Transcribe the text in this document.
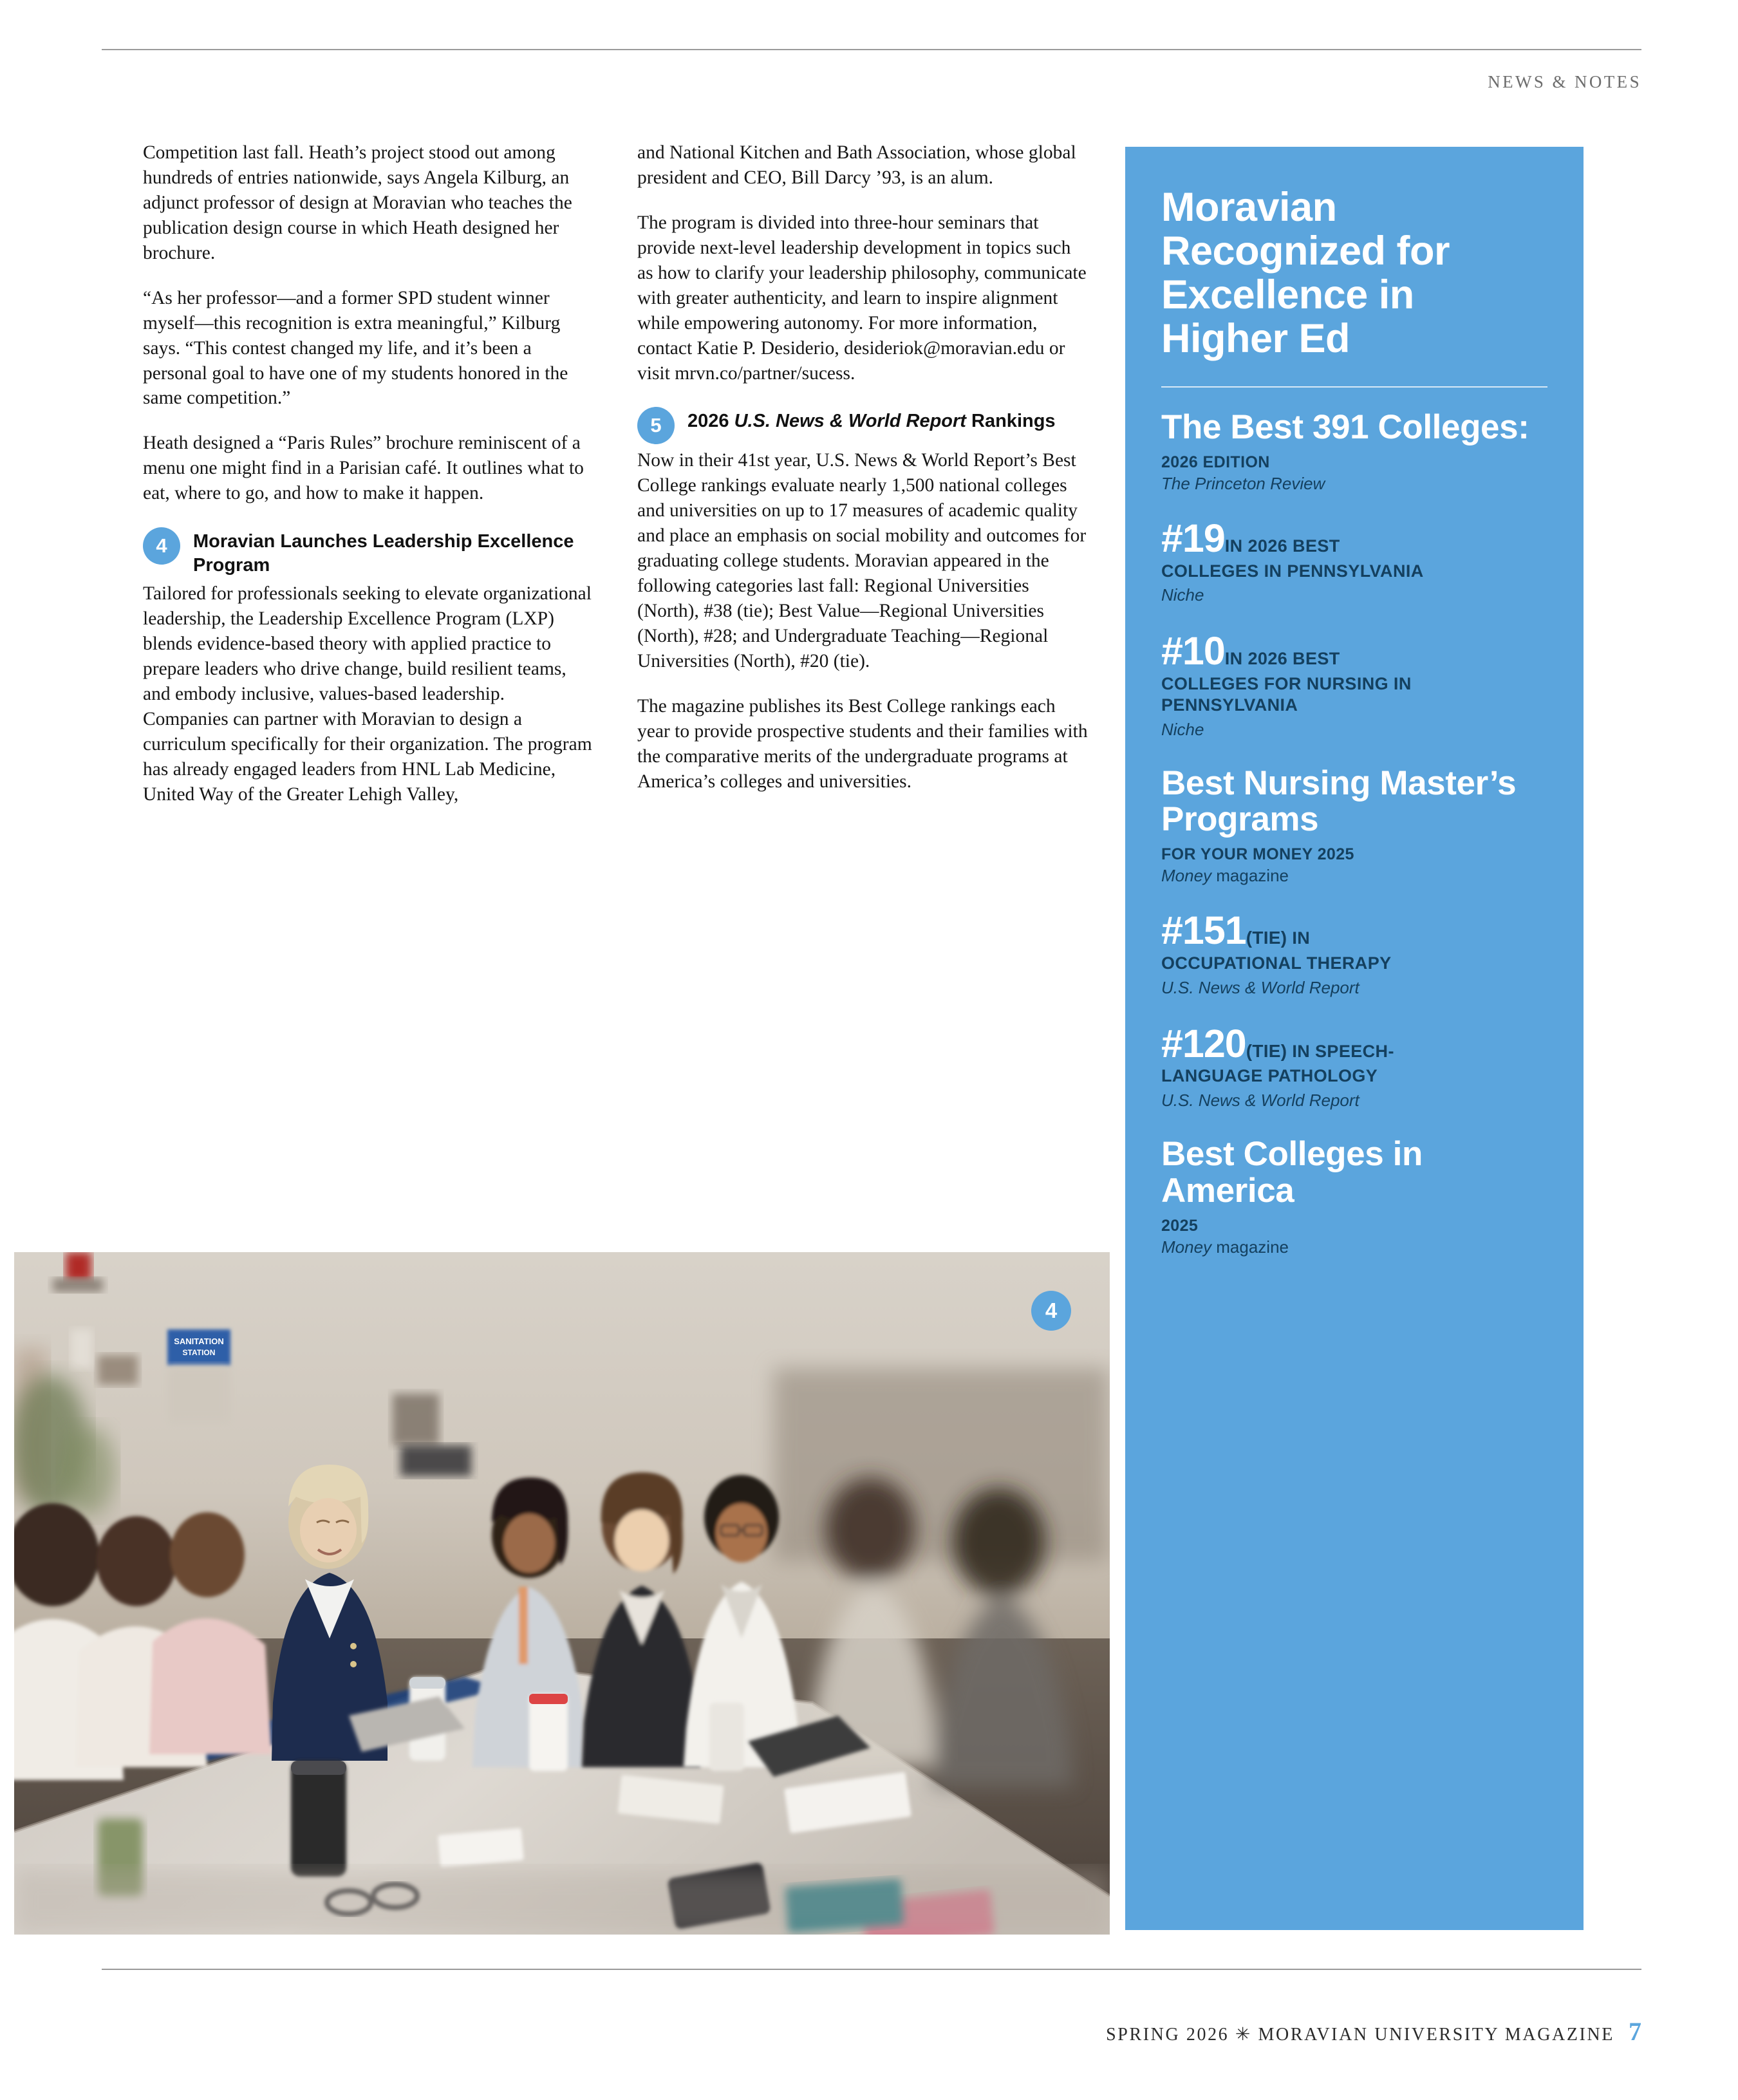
NEWS & NOTES

Competition last fall. Heath’s project stood out among hundreds of entries nationwide, says Angela Kilburg, an adjunct professor of design at Moravian who teaches the publication design course in which Heath designed her brochure.

“As her professor—and a former SPD student winner myself—this recognition is extra meaningful,” Kilburg says. “This contest changed my life, and it’s been a personal goal to have one of my students honored in the same competition.”

Heath designed a “Paris Rules” brochure reminiscent of a menu one might find in a Parisian café. It outlines what to eat, where to go, and how to make it happen.

4	Moravian Launches Leadership Excellence Program

Tailored for professionals seeking to elevate organizational leadership, the Leadership Excellence Program (LXP) blends evidence-based theory with applied practice to prepare leaders who drive change, build resilient teams, and embody inclusive, values-based leadership. Companies can partner with Moravian to design a curriculum specifically for their organization. The program has already engaged leaders from HNL Lab Medicine, United Way of the Greater Lehigh Valley,

and National Kitchen and Bath Association, whose global president and CEO, Bill Darcy ’93, is an alum.

The program is divided into three-hour seminars that provide next-level leadership development in topics such as how to clarify your leadership philosophy, communicate with greater authenticity, and learn to inspire alignment while empowering autonomy. For more information, contact Katie P. Desiderio, desideriok@moravian.edu or visit mrvn.co/partner/sucess.

5	2026 U.S. News & World Report Rankings

Now in their 41st year, U.S. News & World Report’s Best College rankings evaluate nearly 1,500 national colleges and universities on up to 17 measures of academic quality and place an emphasis on social mobility and outcomes for graduating college students. Moravian appeared in the following categories last fall: Regional Universities (North), #38 (tie); Best Value—Regional Universities (North), #28; and Undergraduate Teaching—Regional Universities (North), #20 (tie).

The magazine publishes its Best College rankings each year to provide prospective students and their families with the comparative merits of the undergraduate programs at America’s colleges and universities.

Moravian Recognized for Excellence in Higher Ed
The Best 391 Colleges:
2026 EDITION
The Princeton Review
#19IN 2026 BEST
COLLEGES IN PENNSYLVANIA
Niche
#10IN 2026 BEST
COLLEGES FOR NURSING IN PENNSYLVANIA
Niche
Best Nursing Master’s Programs
FOR YOUR MONEY 2025
Money magazine
#151(TIE) IN
OCCUPATIONAL THERAPY
U.S. News & World Report
#120(TIE) IN SPEECH-
LANGUAGE PATHOLOGY
U.S. News & World Report
Best Colleges in America
2025
Money magazine
SANITATION
STATION
4
SPRING 2026 ✳ MORAVIAN UNIVERSITY MAGAZINE 7
